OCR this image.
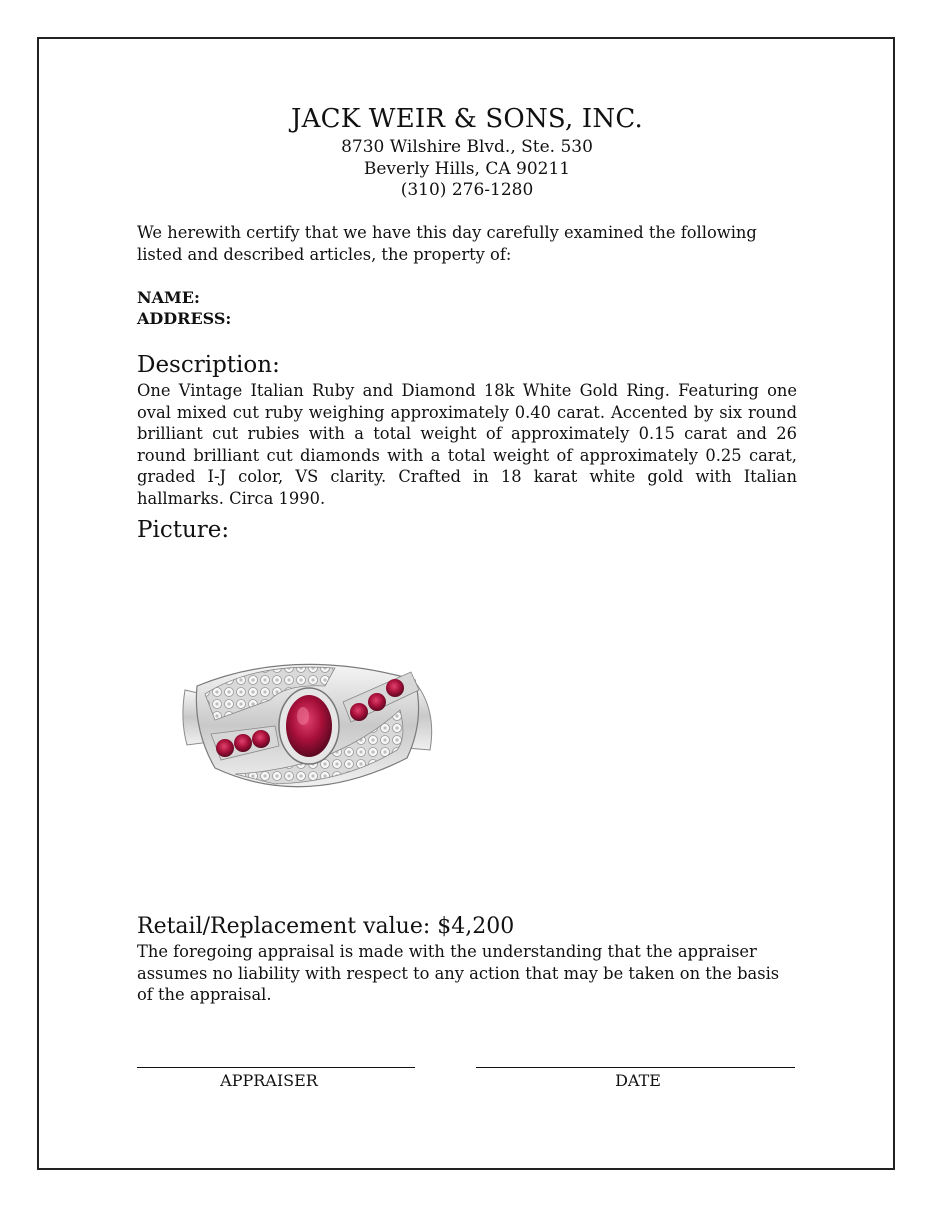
JACK WEIR & SONS, INC.
8730 Wilshire Blvd., Ste. 530
Beverly Hills, CA 90211
(310) 276-1280
We herewith certify that we have this day carefully examined the following listed and described articles, the property of:
NAME:
ADDRESS:
Description:
One Vintage Italian Ruby and Diamond 18k White Gold Ring. Featuring one oval mixed cut ruby weighing approximately 0.40 carat. Accented by six round brilliant cut rubies with a total weight of approximately 0.15 carat and 26 round brilliant cut diamonds with a total weight of approximately 0.25 carat, graded I-J color, VS clarity. Crafted in 18 karat white gold with Italian hallmarks. Circa 1990.
Picture:
Retail/Replacement value: $4,200
The foregoing appraisal is made with the understanding that the appraiser assumes no liability with respect to any action that may be taken on the basis of the appraisal.
APPRAISER	DATE
